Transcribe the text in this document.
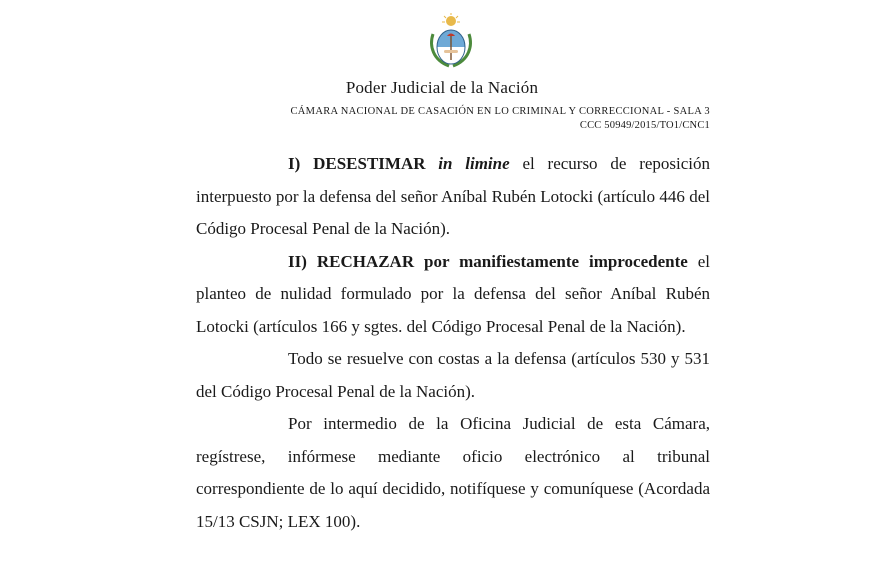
Poder Judicial de la Nación
CÁMARA NACIONAL DE CASACIÓN EN LO CRIMINAL Y CORRECCIONAL - SALA 3
CCC 50949/2015/TO1/CNC1

I) DESESTIMAR in limine el recurso de reposición interpuesto por la defensa del señor Aníbal Rubén Lotocki (artículo 446 del Código Procesal Penal de la Nación).

II) RECHAZAR por manifiestamente improcedente el planteo de nulidad formulado por la defensa del señor Aníbal Rubén Lotocki (artículos 166 y sgtes. del Código Procesal Penal de la Nación).

Todo se resuelve con costas a la defensa (artículos 530 y 531 del Código Procesal Penal de la Nación).

Por intermedio de la Oficina Judicial de esta Cámara, regístrese, infórmese mediante oficio electrónico al tribunal correspondiente de lo aquí decidido, notifíquese y comuníquese (Acordada 15/13 CSJN; LEX 100).
